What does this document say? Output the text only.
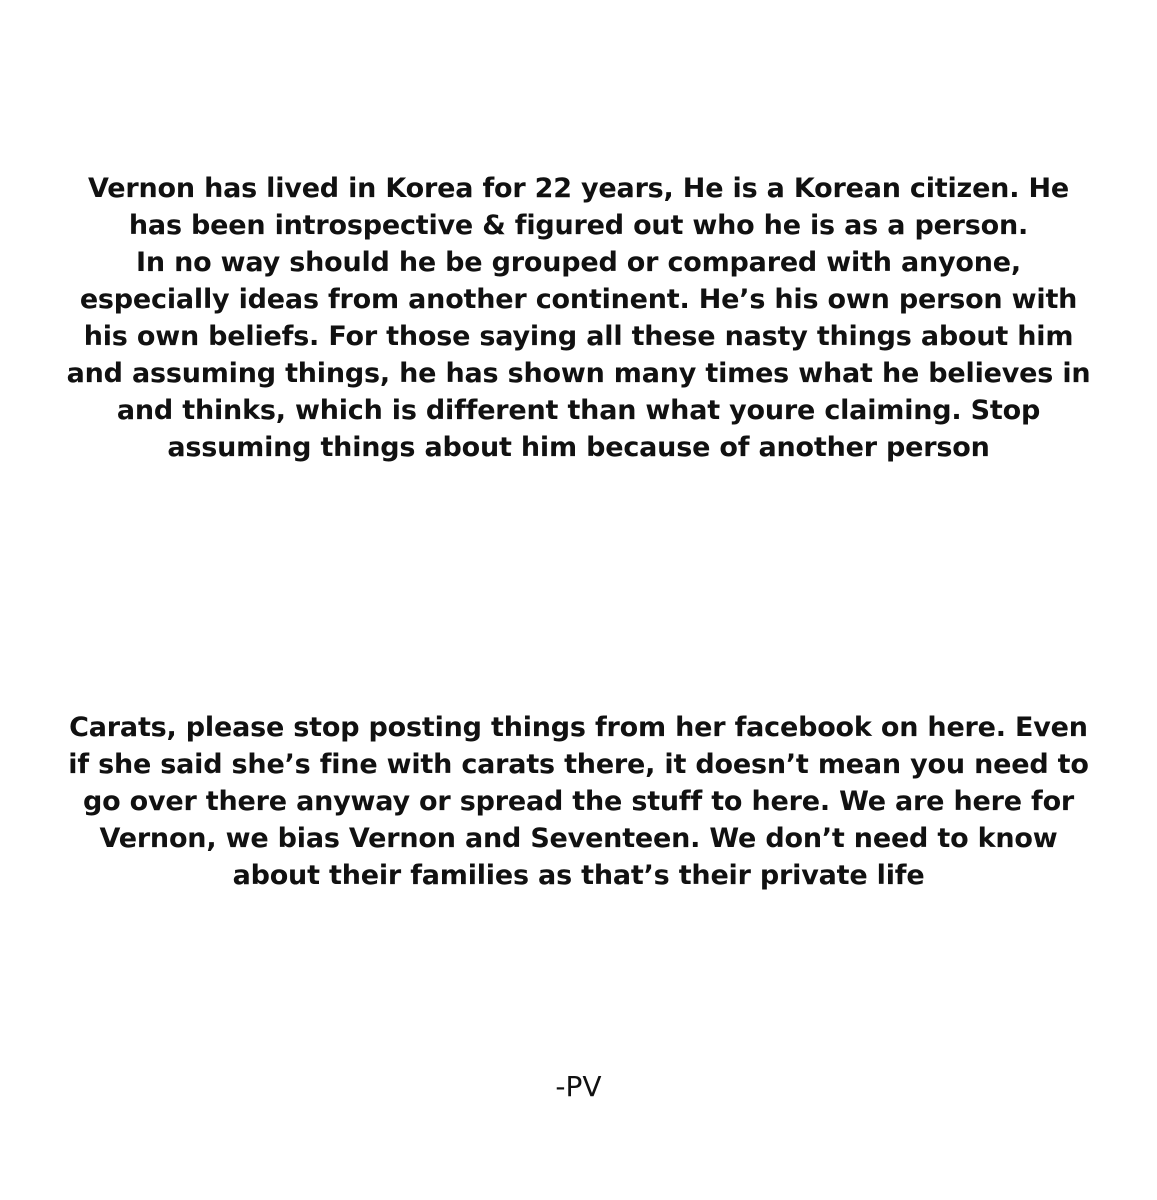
Vernon has lived in Korea for 22 years, He is a Korean citizen. He has been introspective & figured out who he is as a person.

In no way should he be grouped or compared with anyone, especially ideas from another continent. He’s his own person with his own beliefs. For those saying all these nasty things about him and assuming things, he has shown many times what he believes in and thinks, which is different than what youre claiming. Stop assuming things about him because of another person

Carats, please stop posting things from her facebook on here. Even if she said she’s fine with carats there, it doesn’t mean you need to go over there anyway or spread the stuff to here. We are here for Vernon, we bias Vernon and Seventeen. We don’t need to know about their families as that’s their private life

-PV
